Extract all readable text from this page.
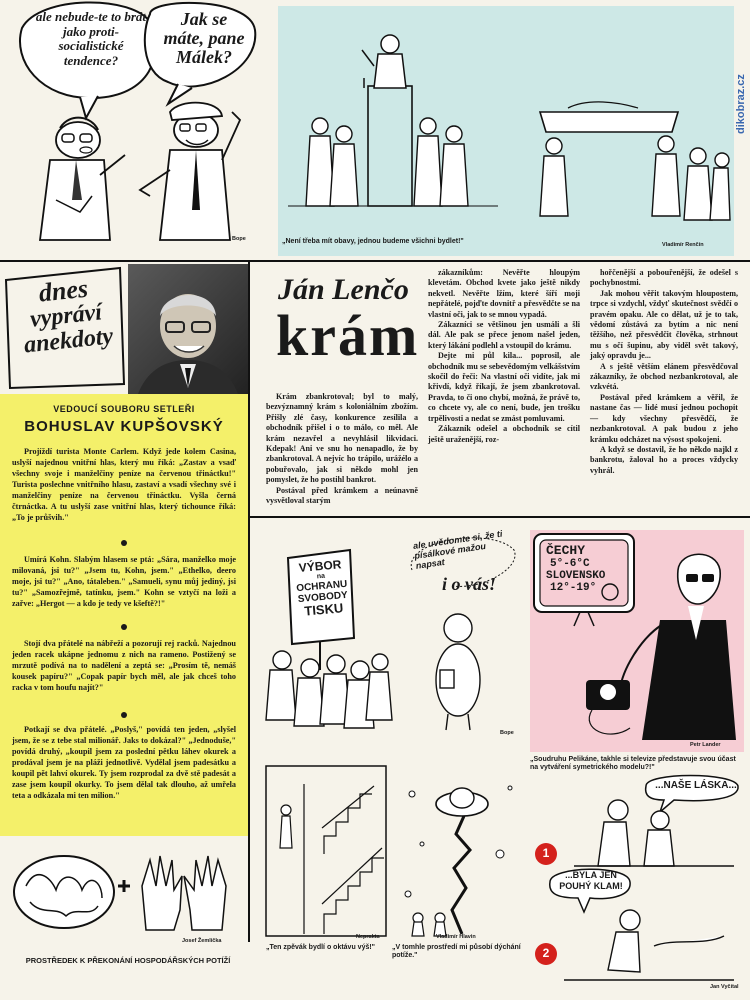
dikobraz.cz
ale nebude-te to brát jako proti-socialistické tendence?
Jak se máte, pane Málek?
Bope	„Není třeba mít obavy, jednou budeme všichni bydlet!"	Vladimír Renčín
dnes
vypráví
anekdoty
VEDOUCÍ SOUBORU SETLEŘI
BOHUSLAV KUPŠOVSKÝ
Projíždí turista Monte Carlem. Když jede kolem Casina, uslyší najednou vnitřní hlas, který mu říká: „Zastav a vsaď všechny svoje i manželčiny peníze na červenou třináctku!" Turista poslechne vnitřního hlasu, zastaví a vsadí všechny své i manželčiny peníze na červenou třináctku. Vyšla černá čtrnáctka. A tu uslyší zase vnitřní hlas, který tichounce říká: „To je průšvih."
Umírá Kohn. Slabým hlasem se ptá: „Sára, manželko moje milovaná, jsi tu?" „Jsem tu, Kohn, jsem." „Ethelko, deero moje, jsi tu?" „Ano, tátaleben." „Samueli, synu můj jediný, jsi tu?" „Samozřejmě, tatínku, jsem." Kohn se vztyčí na loži a zařve: „Hergot — a kdo je tedy ve kšeftě?!"
Stojí dva přátelé na nábřeží a pozorují rej racků. Najednou jeden racek ukápne jednomu z nich na rameno. Postižený se mrzutě podívá na to nadělení a zeptá se: „Prosím tě, nemáš kousek papíru?" „Copak papír bych měl, ale jak chceš toho racka v tom houfu najít?"
Potkají se dva přátelé. „Poslyš," povídá ten jeden, „slyšel jsem, že se z tebe stal milionář. Jaks to dokázal?" „Jednoduše," povídá druhý, „koupil jsem za poslední pětku láhev okurek a prodával jsem je na pláži jednotlivě. Vydělal jsem padesátku a koupil pět lahví okurek. Ty jsem rozprodal za dvě stě padesát a zase jsem koupil okurky. To jsem dělal tak dlouho, až umřela teta a odkázala mi ten milion."
Ján Lenčo
krám

Krám zbankrotoval; byl to malý, bezvýznamný krám s koloniálním zbožím. Přišly zlé časy, konkurence zesílila a obchodník přišel i o to málo, co měl. Ale krám nezavřel a nevyhlásil likvidaci. Kdepak! Ani ve snu ho nenapadlo, že by zbankrotoval. A nejvíc ho trápilo, urážélo a pobuřovalo, jak si někdo mohl jen pomyslet, že ho postihl bankrot.

Postával před krámkem a neúnavně vysvětloval starým

zákazníkům: Nevěřte hloupým klevetám. Obchod kvete jako ještě nikdy nekvetl. Nevěřte lžím, které šíří moji nepřátelé, pojďte dovnitř a přesvědčte se na vlastní oči, jak to se mnou vypadá.

Zákazníci se většinou jen usmáli a šli dál. Ale pak se přece jenom našel jeden, který lákání podlehl a vstoupil do krámu.

Dejte mi půl kila... poprosil, ale obchodník mu se sebevědomým velkášstvím skočil do řeči: Na vlastní oči vidíte, jak mi křivdí, když říkají, že jsem zbankrotoval. Pravda, to či ono chybí, možná, že právě to, co chcete vy, ale co není, bude, jen trošku trpělivosti a nedat se zmást pomluvami.

Zákazník odešel a obchodník se cítil ještě uraženější, roz-

hořčenější a pobouřenější, že odešel s pochybnostmi.

Jak mohou věřit takovým hloupostem, trpce si vzdychl, vždyť skutečnost svědčí o pravém opaku. Ale co dělat, už je to tak, vědomí zůstává za bytím a nic není těžšího, než přesvědčit člověka, strhnout mu s očí šupinu, aby viděl svět takový, jaký opravdu je...

A s ještě větším elánem přesvědčoval zákazníky, že obchod nezbankrotoval, ale vzkvétá.

Postával před krámkem a věřil, že nastane čas — lidé musí jednou pochopit — kdy všechny přesvědčí, že nezbankrotoval. A pak budou z jeho krámku odcházet na výsost spokojeni.

A když se dostavil, že ho někdo najkl z bankrotu, žaloval ho a proces vždycky vyhrál.

VÝBOR
na
OCHRANU
SVOBODY
TISKU
ale uvědomte si, že ti písálkové mažou napsat
i o vás!
Bope
ČECHY
5°-6°C
SLOVENSKO
12°-19°
Petr Lander
„Soudruhu Pelikáne, takhle si televize představuje svou účast na vytváření symetrického modelu?!"
Josef Žemlička
PROSTŘEDEK K PŘEKONÁNÍ HOSPODÁŘSKÝCH POTÍŽÍ
Neprakta
„Ten zpěvák bydlí o oktávu výš!"
Vladimír Hlavin
„V tomhle prostředí mi působí dýchání potíže."
...NAŠE LÁSKA...
...BYLA JEN POUHÝ KLAM!
1
2
Jan Vyčítal
